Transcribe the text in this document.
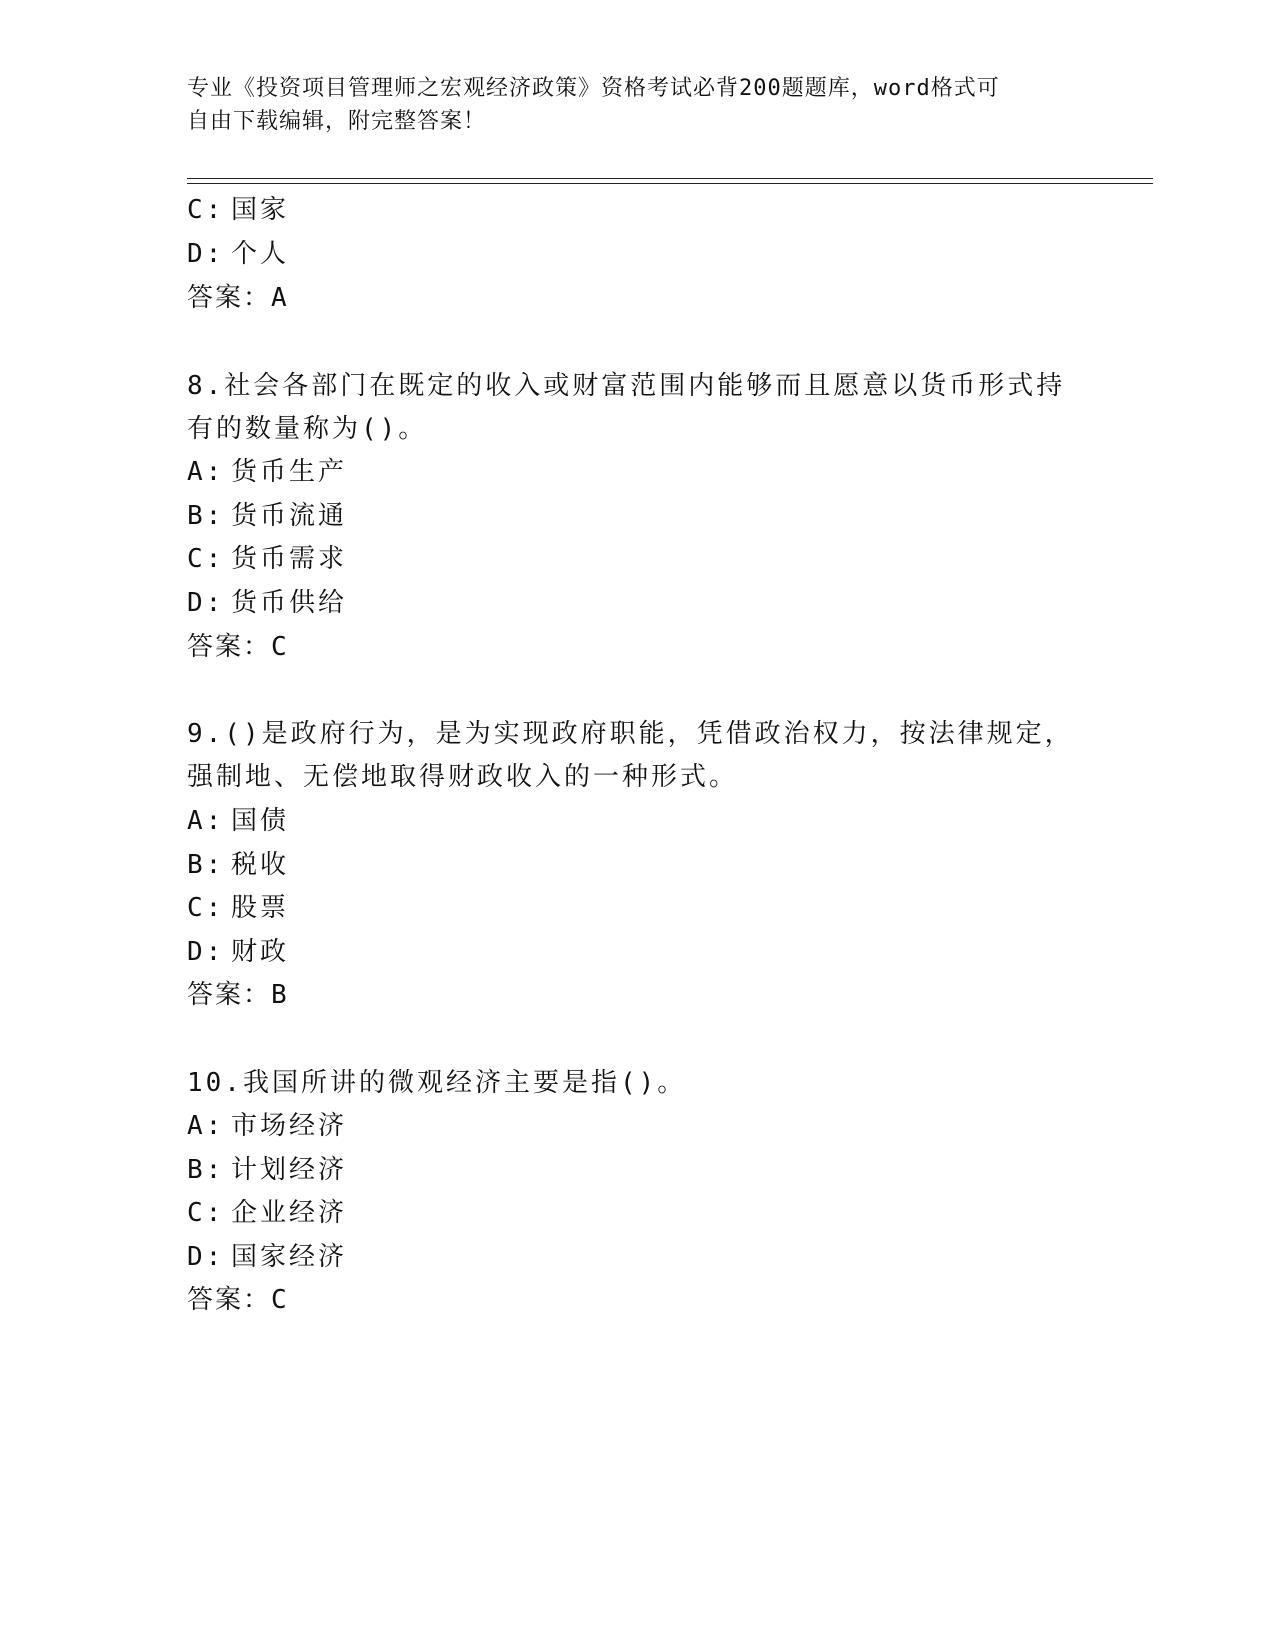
专业《投资项目管理师之宏观经济政策》资格考试必背200题题库，word格式可
自由下载编辑，附完整答案！
C: 国家
D: 个人
答案：A
8.社会各部门在既定的收入或财富范围内能够而且愿意以货币形式持
有的数量称为()。
A: 货币生产
B: 货币流通
C: 货币需求
D: 货币供给
答案：C
9.()是政府行为，是为实现政府职能，凭借政治权力，按法律规定，
强制地、无偿地取得财政收入的一种形式。
A: 国债
B: 税收
C: 股票
D: 财政
答案：B
10.我国所讲的微观经济主要是指()。
A: 市场经济
B: 计划经济
C: 企业经济
D: 国家经济
答案：C
